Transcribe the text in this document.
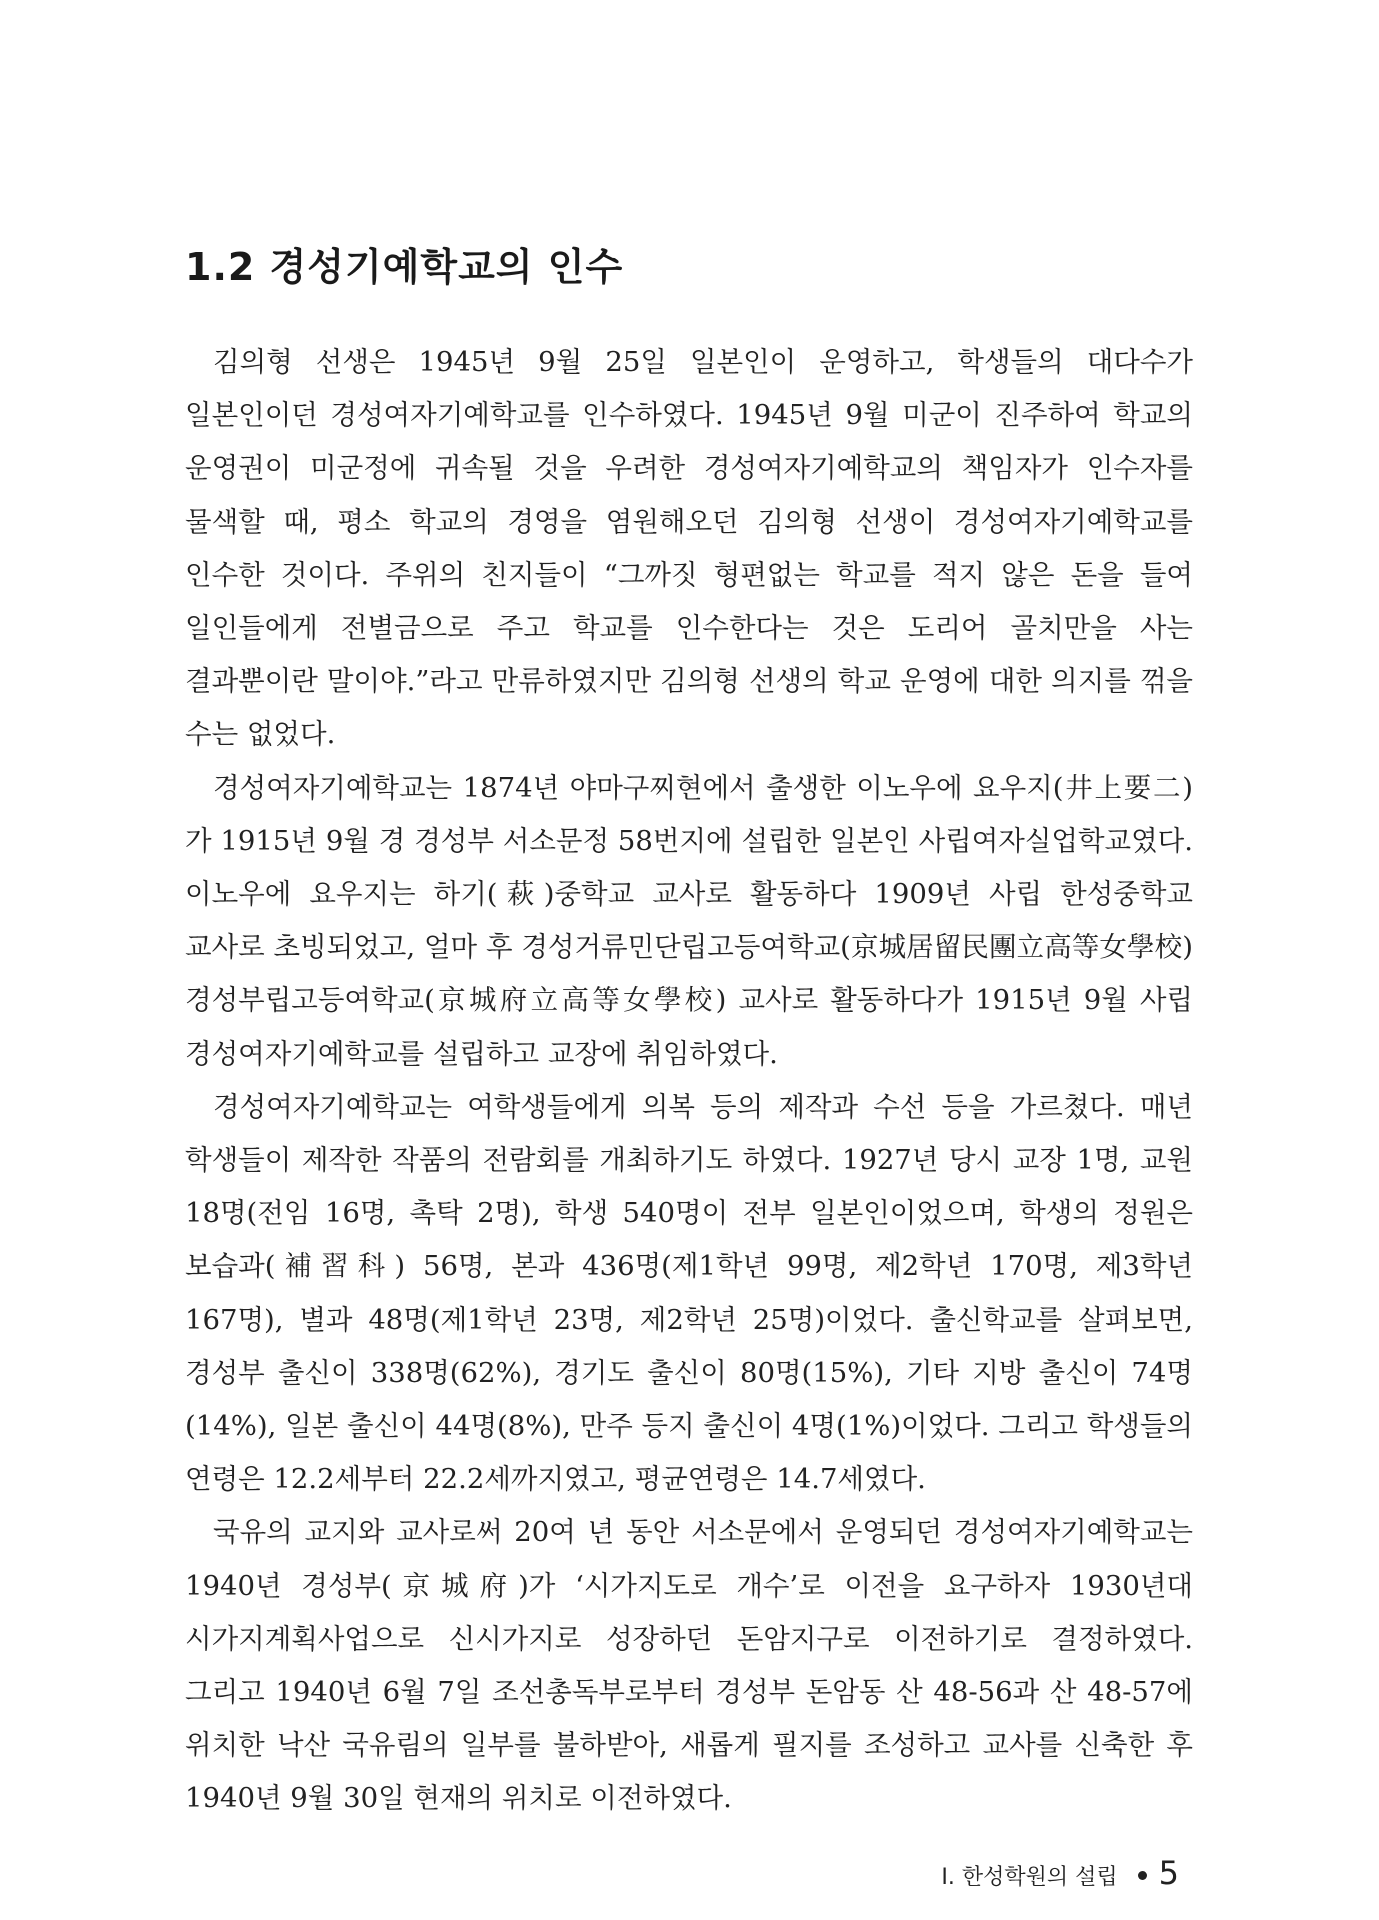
1.2 경성기예학교의 인수

김의형 선생은 1945년 9월 25일 일본인이 운영하고, 학생들의 대다수가 일본인이던 경성여자기예학교를 인수하였다. 1945년 9월 미군이 진주하여 학교의 운영권이 미군정에 귀속될 것을 우려한 경성여자기예학교의 책임자가 인수자를 물색할 때, 평소 학교의 경영을 염원해오던 김의형 선생이 경성여자기예학교를 인수한 것이다. 주위의 친지들이 “그까짓 형편없는 학교를 적지 않은 돈을 들여 일인들에게 전별금으로 주고 학교를 인수한다는 것은 도리어 골치만을 사는 결과뿐이란 말이야.”라고 만류하였지만 김의형 선생의 학교 운영에 대한 의지를 꺾을 수는 없었다.

경성여자기예학교는 1874년 야마구찌현에서 출생한 이노우에 요우지(井上要二)가 1915년 9월 경 경성부 서소문정 58번지에 설립한 일본인 사립여자실업학교였다. 이노우에 요우지는 하기(萩)중학교 교사로 활동하다 1909년 사립 한성중학교 교사로 초빙되었고, 얼마 후 경성거류민단립고등여학교(京城居留民團立高等女學校) 경성부립고등여학교(京城府立高等女學校) 교사로 활동하다가 1915년 9월 사립 경성여자기예학교를 설립하고 교장에 취임하였다.

경성여자기예학교는 여학생들에게 의복 등의 제작과 수선 등을 가르쳤다. 매년 학생들이 제작한 작품의 전람회를 개최하기도 하였다. 1927년 당시 교장 1명, 교원 18명(전임 16명, 촉탁 2명), 학생 540명이 전부 일본인이었으며, 학생의 정원은 보습과(補習科) 56명, 본과 436명(제1학년 99명, 제2학년 170명, 제3학년 167명), 별과 48명(제1학년 23명, 제2학년 25명)이었다. 출신학교를 살펴보면, 경성부 출신이 338명(62%), 경기도 출신이 80명(15%), 기타 지방 출신이 74명(14%), 일본 출신이 44명(8%), 만주 등지 출신이 4명(1%)이었다. 그리고 학생들의 연령은 12.2세부터 22.2세까지였고, 평균연령은 14.7세였다.

국유의 교지와 교사로써 20여 년 동안 서소문에서 운영되던 경성여자기예학교는 1940년 경성부(京城府)가 ‘시가지도로 개수’로 이전을 요구하자 1930년대 시가지계획사업으로 신시가지로 성장하던 돈암지구로 이전하기로 결정하였다. 그리고 1940년 6월 7일 조선총독부로부터 경성부 돈암동 산 48-56과 산 48-57에 위치한 낙산 국유림의 일부를 불하받아, 새롭게 필지를 조성하고 교사를 신축한 후 1940년 9월 30일 현재의 위치로 이전하였다.

Ⅰ. 한성학원의 설립 5
